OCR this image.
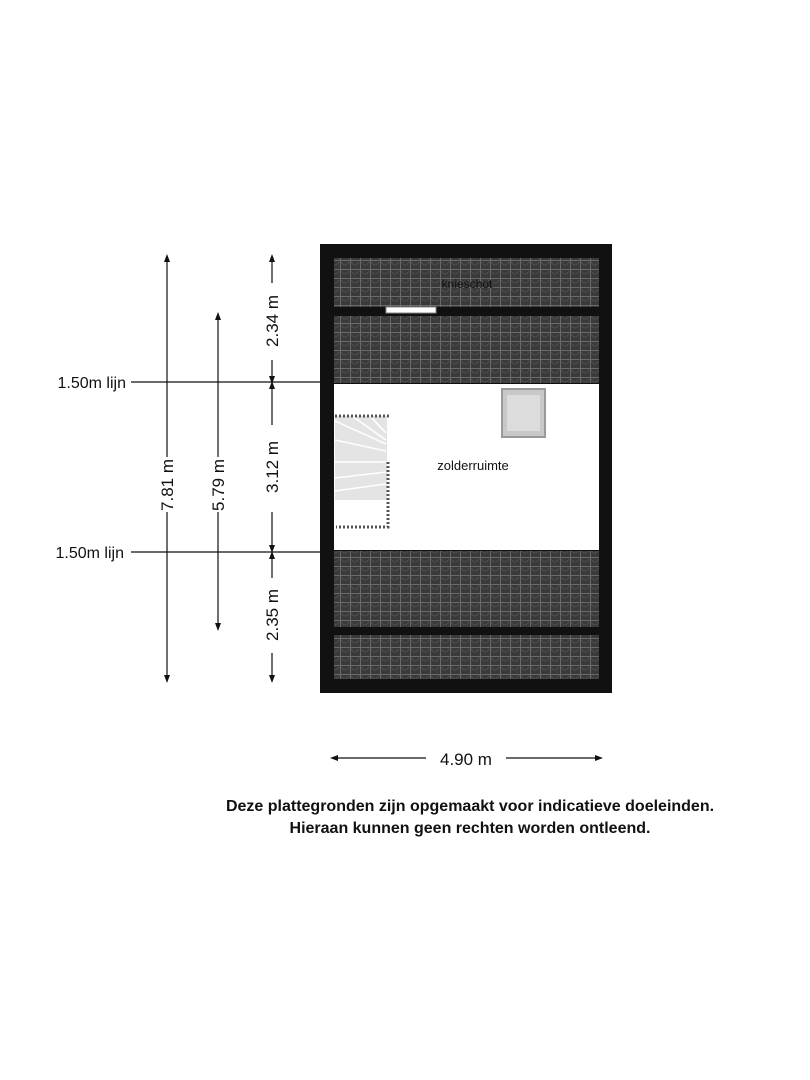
knieschot
zolderruimte
1.50m lijn
1.50m lijn
7.81 m 5.79 m
2.34 m
3.12 m
2.35 m
4.90 m
Deze plattegronden zijn opgemaakt voor indicatieve doeleinden.
Hieraan kunnen geen rechten worden ontleend.
